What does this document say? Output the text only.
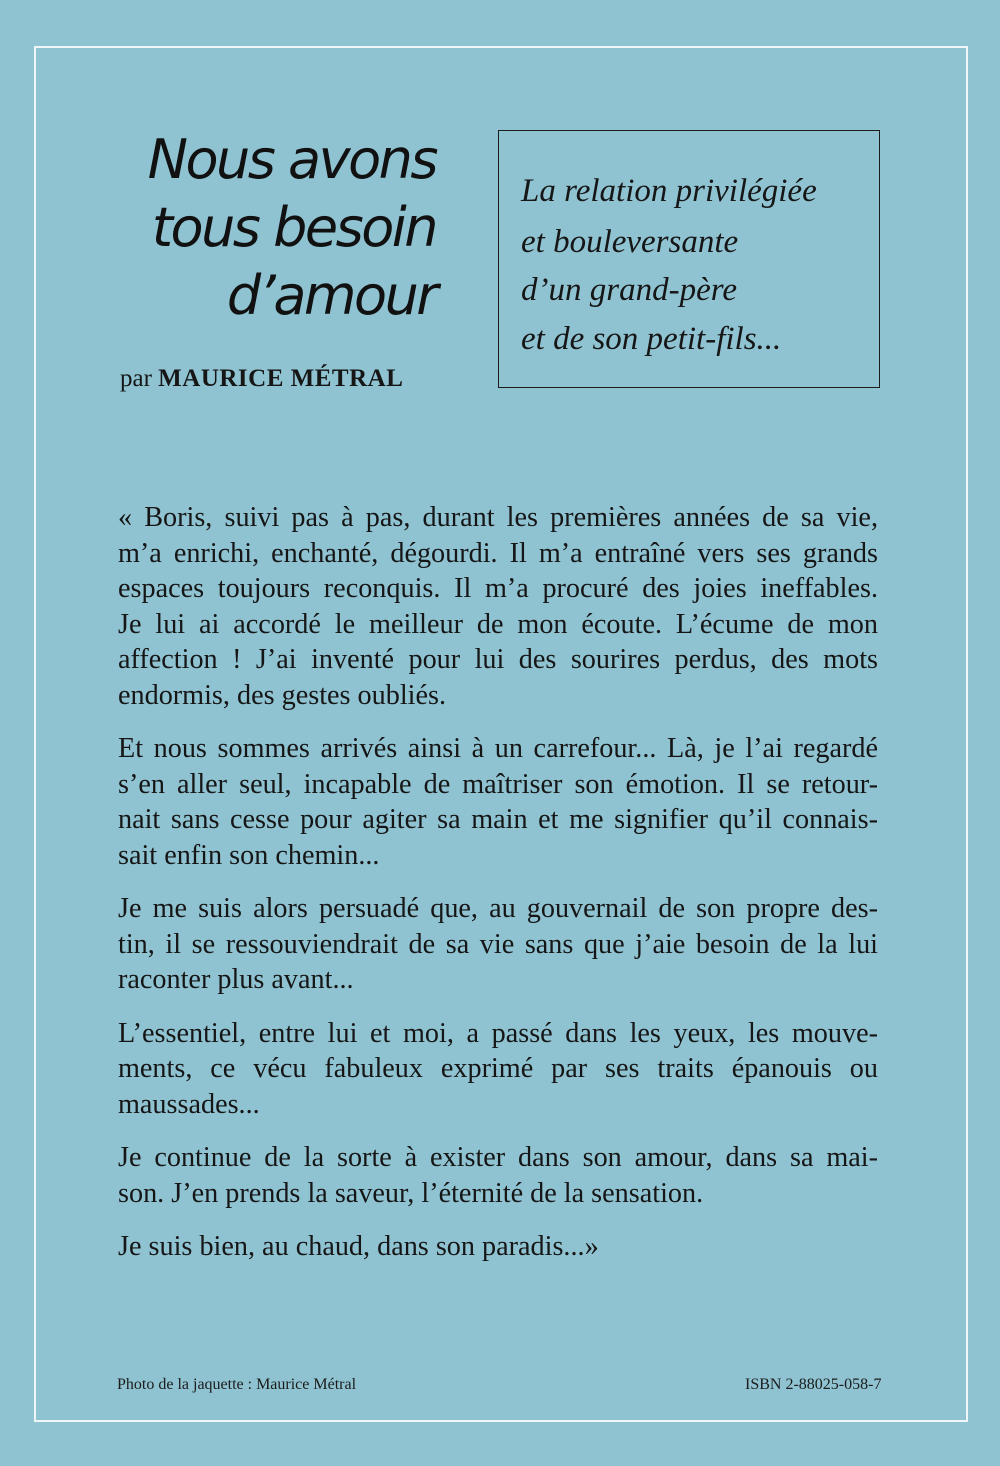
Nous avons
tous besoin
d’amour
par MAURICE MÉTRAL
La relation privilégiée
et bouleversante
d’un grand-père
et de son petit-fils...
« Boris, suivi pas à pas, durant les premières années de sa vie,
m’a enrichi, enchanté, dégourdi. Il m’a entraîné vers ses grands
espaces toujours reconquis. Il m’a procuré des joies ineffables.
Je lui ai accordé le meilleur de mon écoute. L’écume de mon
affection ! J’ai inventé pour lui des sourires perdus, des mots
endormis, des gestes oubliés.
Et nous sommes arrivés ainsi à un carrefour... Là, je l’ai regardé
s’en aller seul, incapable de maîtriser son émotion. Il se retour-
nait sans cesse pour agiter sa main et me signifier qu’il connais-
sait enfin son chemin...
Je me suis alors persuadé que, au gouvernail de son propre des-
tin, il se ressouviendrait de sa vie sans que j’aie besoin de la lui
raconter plus avant...
L’essentiel, entre lui et moi, a passé dans les yeux, les mouve-
ments, ce vécu fabuleux exprimé par ses traits épanouis ou
maussades...
Je continue de la sorte à exister dans son amour, dans sa mai-
son. J’en prends la saveur, l’éternité de la sensation.
Je suis bien, au chaud, dans son paradis...»
Photo de la jaquette : Maurice Métral	ISBN 2-88025-058-7
